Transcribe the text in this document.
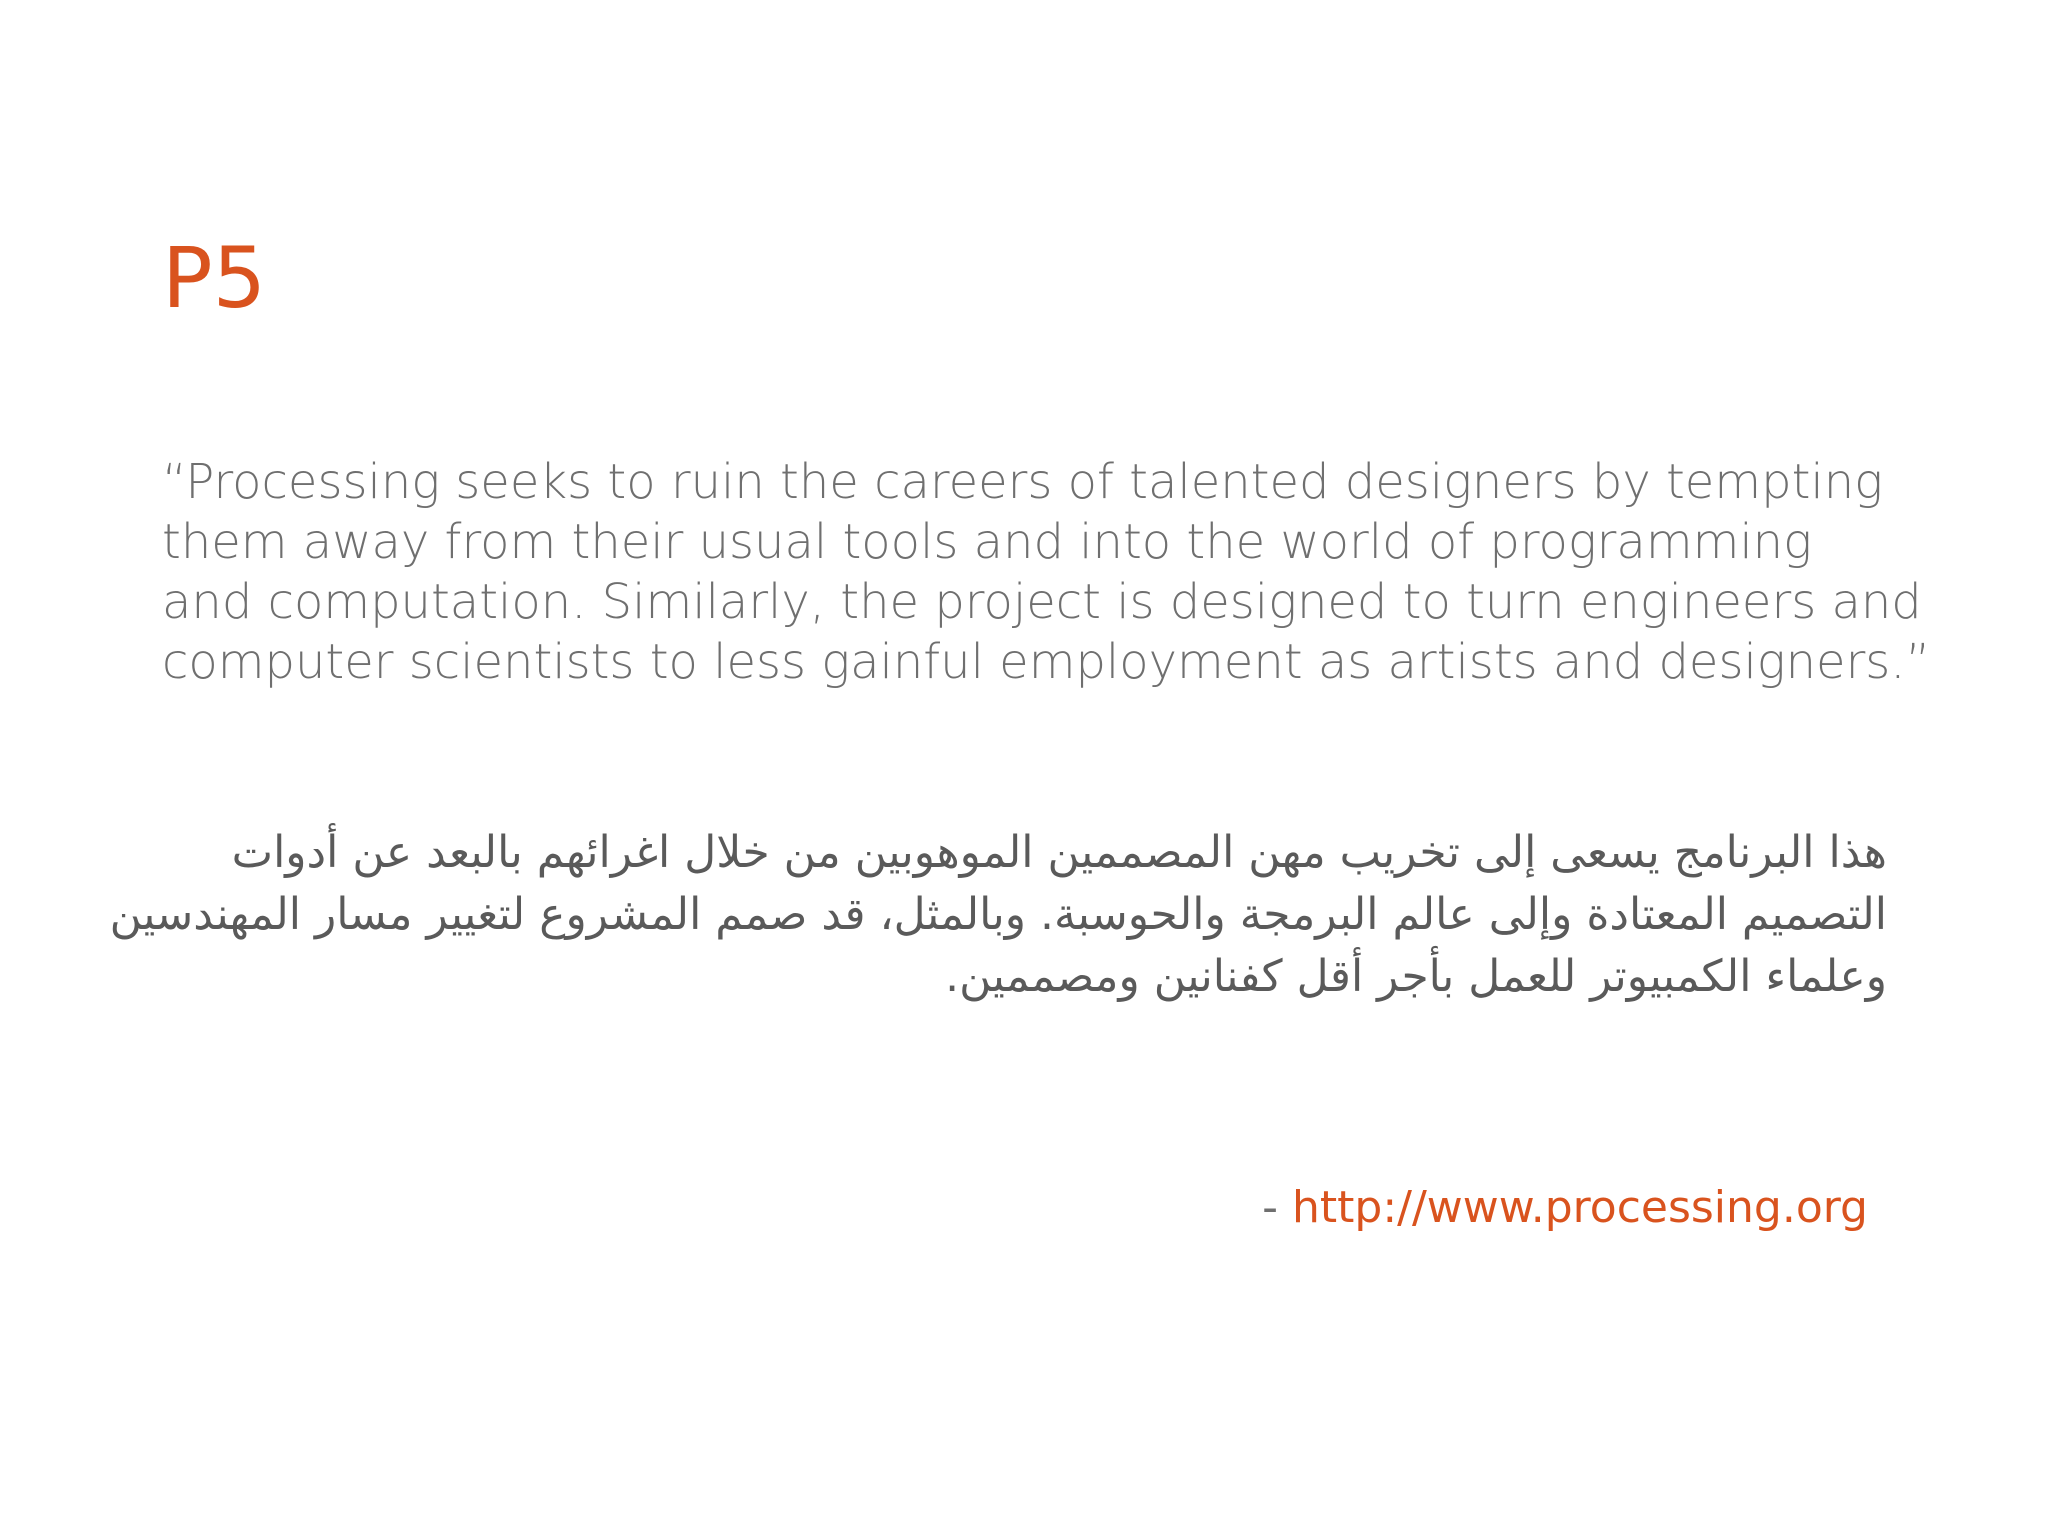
P5
“Processing seeks to ruin the careers of talented designers by tempting
them away from their usual tools and into the world of programming
and computation. Similarly, the project is designed to turn engineers and
computer scientists to less gainful employment as artists and designers.”
هذا البرنامج يسعى إلى تخريب مهن المصممين الموهوبين من خلال اغرائهم بالبعد عن أدوات
التصميم المعتادة وإلى عالم البرمجة والحوسبة. وبالمثل، قد صمم المشروع لتغيير مسار المهندسين
وعلماء الكمبيوتر للعمل بأجر أقل كفنانين ومصممين.

- http://www.processing.org
